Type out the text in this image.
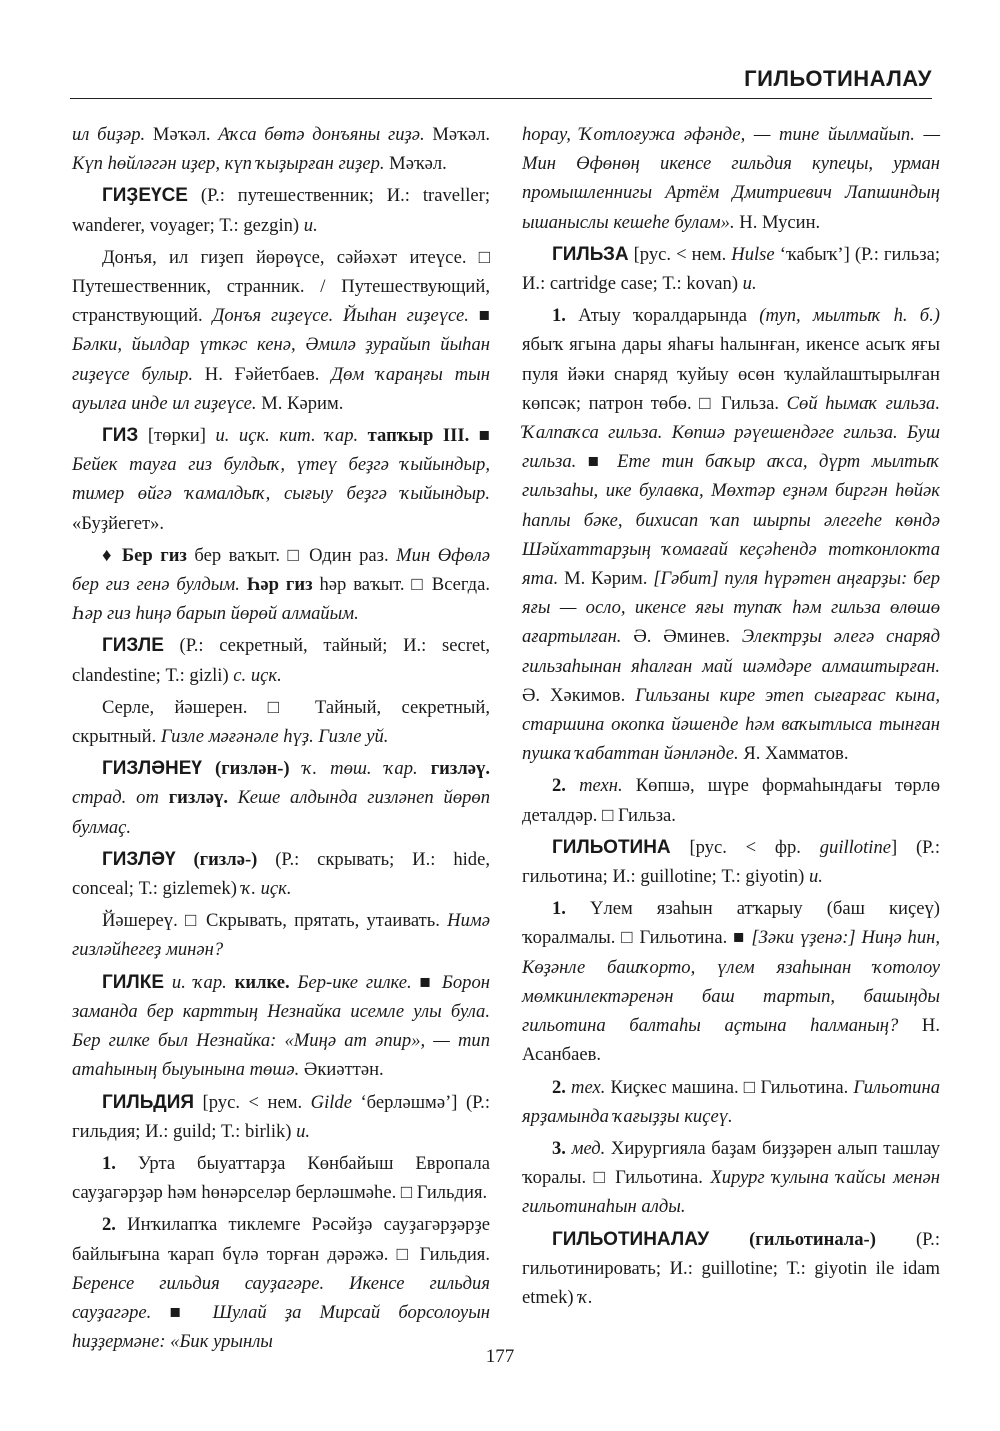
ГИЛЬОТИНАЛАУ

ил биҙәр. Мәҡәл. Аҡса бөтә донъяны гиҙә. Мәҡәл. Күп һөйләгән иҙер, күп ҡыҙырған гиҙер. Мәҡәл.

ГИҘЕҮСЕ (Р.: путешественник; И.: traveller; wanderer, voyager; Т.: gezgin) и.

Донъя, ил гиҙеп йөрөүсе, сәйәхәт итеүсе. □ Путешественник, странник. / Путешествующий, странствующий. Донъя гиҙеүсе. Йыһан гиҙеүсе. ■ Бәлки, йылдар үткәс кенә, Әмилә ҙурайып йыһан гиҙеүсе булыр. Н. Ғәйетбаев. Дөм ҡараңғы тын ауылға инде ил гиҙеүсе. М. Кәрим.

ГИЗ [төрки] и. иҫк. кит. ҡар. тапҡыр III. ■ Бейек тауға гиз булдыҡ, үтеү беҙгә ҡыйындыр, тимер өйгә ҡамалдыҡ, сығыу беҙгә ҡыйындыр. «Буҙйегет».

♦ Бер гиз бер ваҡыт. □ Один раз. Мин Өфөлә бер гиз генә булдым. Һәр гиз һәр ваҡыт. □ Всегда. Һәр гиз һиңә барып йөрөй алмайым.

ГИЗЛЕ (Р.: секретный, тайный; И.: secret, clandestine; Т.: gizli) с. иҫк.

Серле, йәшерен. □ Тайный, секретный, скрытный. Гизле мәғәнәле һүҙ. Гизле уй.

ГИЗЛӘНЕҮ (гизлән-) ҡ. төш. ҡар. гизләү. страд. от гизләү. Кеше алдында гизләнеп йөрөп булмаҫ.

ГИЗЛӘҮ (гизлә-) (Р.: скрывать; И.: hide, conceal; Т.: gizlemek) ҡ. иҫк.

Йәшереү. □ Скрывать, прятать, утаивать. Нимә гизләйһегеҙ минән?

ГИЛКЕ и. ҡар. килке. Бер-ике гилке. ■ Борон заманда бер карттың Незнайка исемле улы була. Бер гилке был Незнайка: «Миңә ат әпир», — тип атаһының быуынына төшә. Әкиәттән.

ГИЛЬДИЯ [рус. < нем. Gilde ‘берләшмә’] (Р.: гильдия; И.: guild; Т.: birlik) и.

1. Урта быуаттарҙа Көнбайыш Европала сауҙагәрҙәр һәм һөнәрселәр берләшмәһе. □ Гильдия.

2. Инҡилапҡа тиклемге Рәсәйҙә сауҙагәрҙәрҙе байлығына ҡарап бүлә торған дәрәжә. □ Гильдия. Беренсе гильдия сауҙагәре. Икенсе гильдия сауҙагәре. ■ Шулай ҙа Мирсай борсолоуын һиҙҙермәне: «Бик урынлы

һорау, Ҡотлоғужа әфәнде, — тине йылмайып. — Мин Өфөнөң икенсе гильдия купецы, урман промышленнигы Артём Дмитриевич Лапшиндың ышаныслы кешеһе булам». Н. Мусин.

ГИЛЬЗА [рус. < нем. Hulse ‘ҡабыҡ’] (Р.: гильза; И.: cartridge case; Т.: kovan) и.

1. Атыу ҡоралдарында (туп, мылтыҡ һ. б.) ябыҡ ягына дары яһағы һалынған, икенсе асыҡ яғы пуля йәки снаряд ҡуйыу өсөн ҡулайлаштырылған көпсәк; патрон төбө. □ Гильза. Сөй һымаҡ гильза. Ҡалпаҡса гильза. Көпшә рәүешендәге гильза. Буш гильза. ■ Ете тин баҡыр аҡса, дүрт мылтыҡ гильзаһы, ике булавка, Мөхтәр еҙнәм биргән һөйәк һаплы бәке, бихисап ҡап шырпы әлегеһе көндә Шәйхаттарҙың ҡомағай кеҫәһендә тотконлокта ята. М. Кәрим. [Гәбит] пуля һүрәтен аңғарҙы: бер яғы — осло, икенсе яғы тупаҡ һәм гильза өлөшө ағартылған. Ә. Әминев. Электрҙы әлегә снаряд гильзаһынан яһалған май шәмдәре алмаштырған. Ә. Хәкимов. Гильзаны кире этеп сығарғас кына, старшина окопка йәшенде һәм ваҡытлыса тынған пушка ҡабаттан йәнләнде. Я. Хамматов.

2. техн. Көпшә, шүре формаһындағы төрлө деталдәр. □ Гильза.

ГИЛЬОТИНА [рус. < фр. guillotine] (Р.: гильотина; И.: guillotine; Т.: giyotin) и.

1. Үлем язаһын атҡарыу (баш киҫеү) ҡоралмалы. □ Гильотина. ■ [Зәки үҙенә:] Ниңә һин, Көҙәнле башҡорто, үлем язаһынан ҡотолоу мөмкинлектәренән баш тартып, башыңды гильотина балтаһы аҫтына һалманың? Н. Асанбаев.

2. тех. Киҫкес машина. □ Гильотина. Гильотина ярҙамында ҡағыҙҙы киҫеү.

3. мед. Хирургияла баҙам биҙҙәрен алып ташлау ҡоралы. □ Гильотина. Хирург ҡулына ҡайсы менән гильотинаһын алды.

ГИЛЬОТИНАЛАУ (гильотинала-) (Р.: гильотинировать; И.: guillotine; Т.: giyotin ile idam etmek) ҡ.

177
